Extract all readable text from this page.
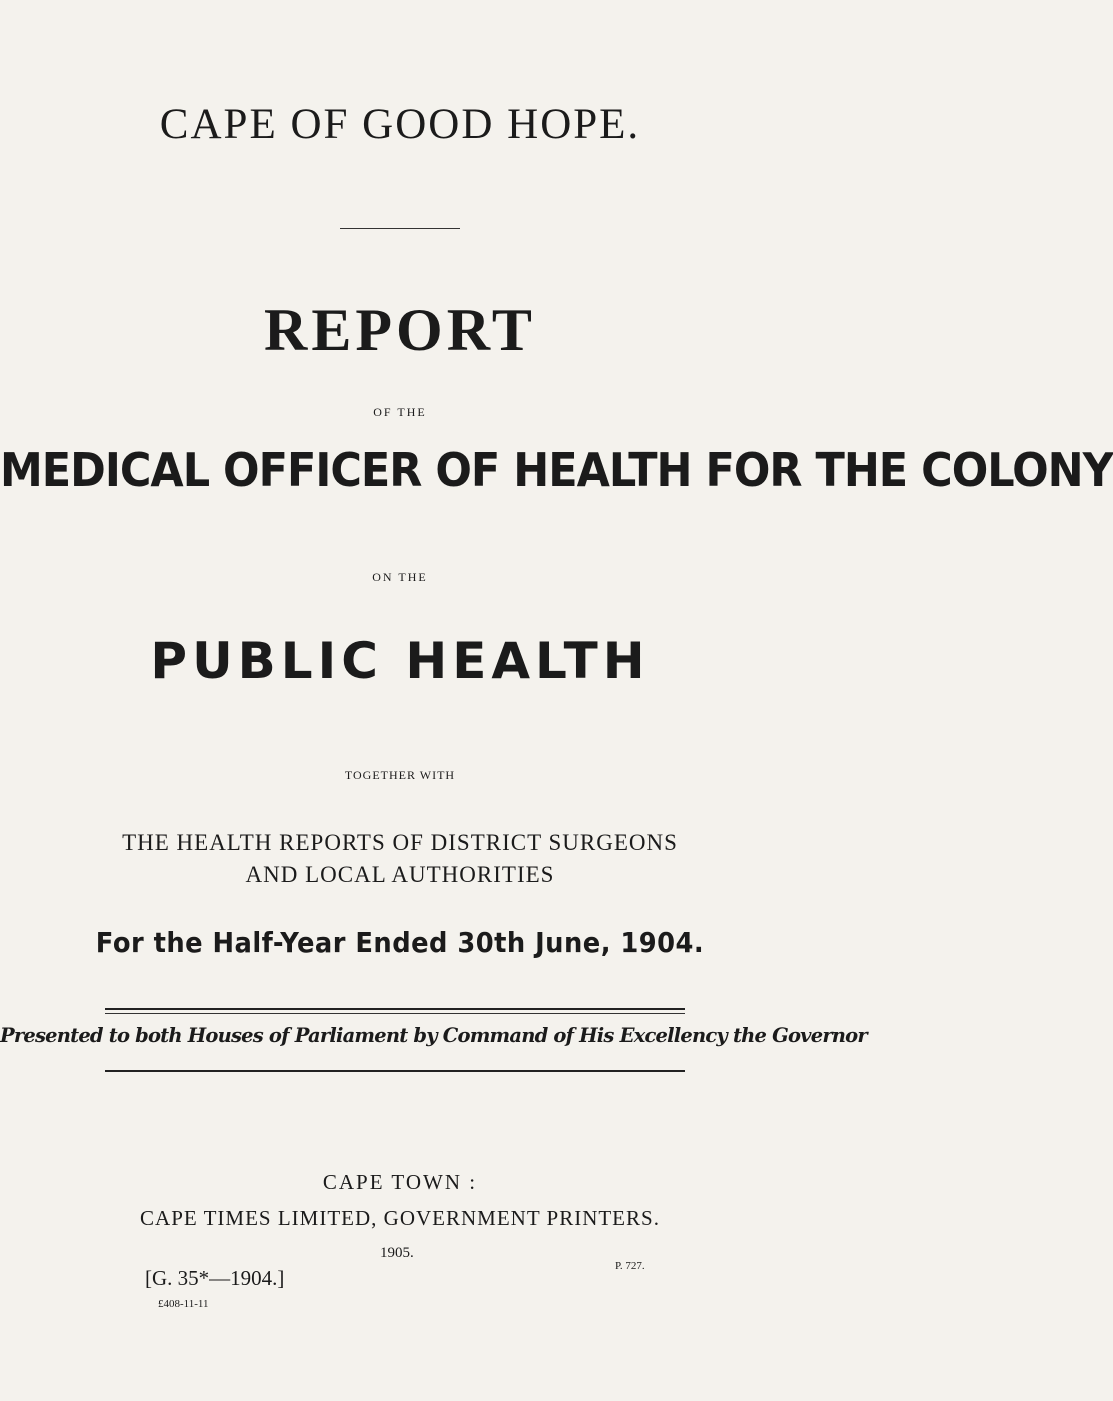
CAPE OF GOOD HOPE.
REPORT
OF THE
MEDICAL OFFICER OF HEALTH FOR THE COLONY
ON THE
PUBLIC HEALTH
TOGETHER WITH
THE HEALTH REPORTS OF DISTRICT SURGEONS
AND LOCAL AUTHORITIES
For the Half-Year Ended 30th June, 1904.
Presented to both Houses of Parliament by Command of His Excellency the Governor
CAPE TOWN :
CAPE TIMES LIMITED, GOVERNMENT PRINTERS.
1905.
[G. 35*—1904.]
£408-11-11
P. 727.
